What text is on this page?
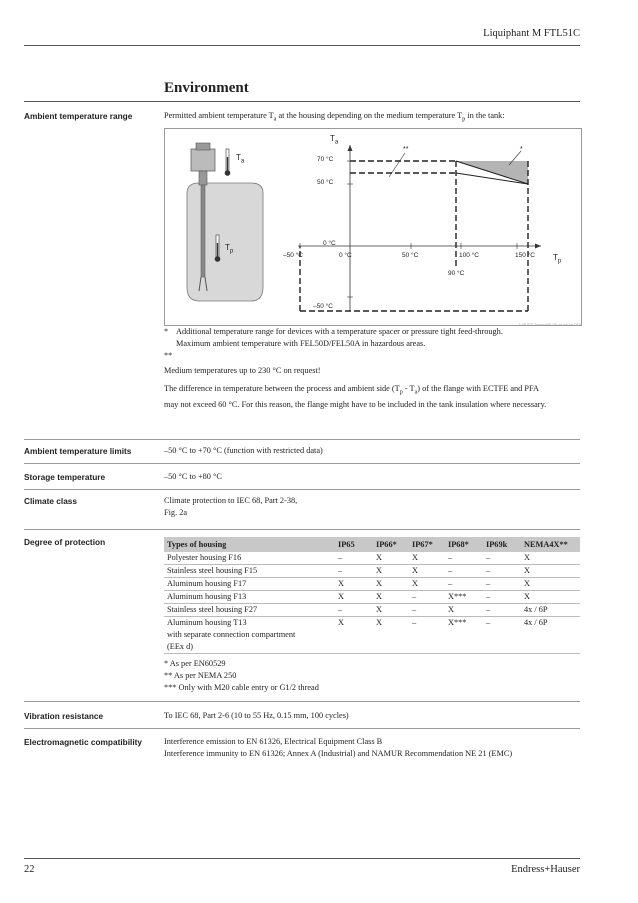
Liquiphant M FTL51C
Environment
Ambient temperature range	Permitted ambient temperature $T_a$ at the housing depending on the medium temperature $T_p$ in the tank:
$T_a$
$T_p$
$T_a$
$T_p$
70 °C
50 °C
0 °C
–50 °C
–50 °C	0 °C	50 °C	100 °C	150 °C
90 °C
**	*
L00-FTL5xxxxx05-00-xx-xx-xx-010
* Additional temperature range for devices with a temperature spacer or pressure tight feed-through.
Maximum ambient temperature with FEL50D/FEL50A in hazardous areas.
**
Medium temperatures up to 230 °C on request!
The difference in temperature between the process and ambient side $(T_p - T_a)$ of the flange with ECTFE and PFA
may not exceed 60 °C. For this reason, the flange might have to be included in the tank insulation where necessary.
Ambient temperature limits	–50 °C to +70 °C (function with restricted data)
Storage temperature	–50 °C to +80 °C
Climate class	Climate protection to IEC 68, Part 2-38,
Fig. 2a
Degree of protection	Types of housing	IP65	IP66*	IP67*	IP68*	IP69k	NEMA4X**
Polyester housing F16	–	X	X	–	–	X
Stainless steel housing F15	–	X	X	–	–	X
Aluminum housing F17	X	X	X	–	–	X
Aluminum housing F13	X	X	–	X***	–	X
Stainless steel housing F27	–	X	–	X	–	4x / 6P

Aluminum housing T13
with separate connection compartment
(EEx d)	X	X	–	X***	–	4x / 6P
* As per EN60529
** As per NEMA 250
*** Only with M20 cable entry or G1/2 thread
Vibration resistance	To IEC 68, Part 2-6 (10 to 55 Hz, 0.15 mm, 100 cycles)
Electromagnetic compatibility	Interference emission to EN 61326, Electrical Equipment Class B
Interference immunity to EN 61326; Annex A (Industrial) and NAMUR Recommendation NE 21 (EMC)
22	Endress+Hauser
